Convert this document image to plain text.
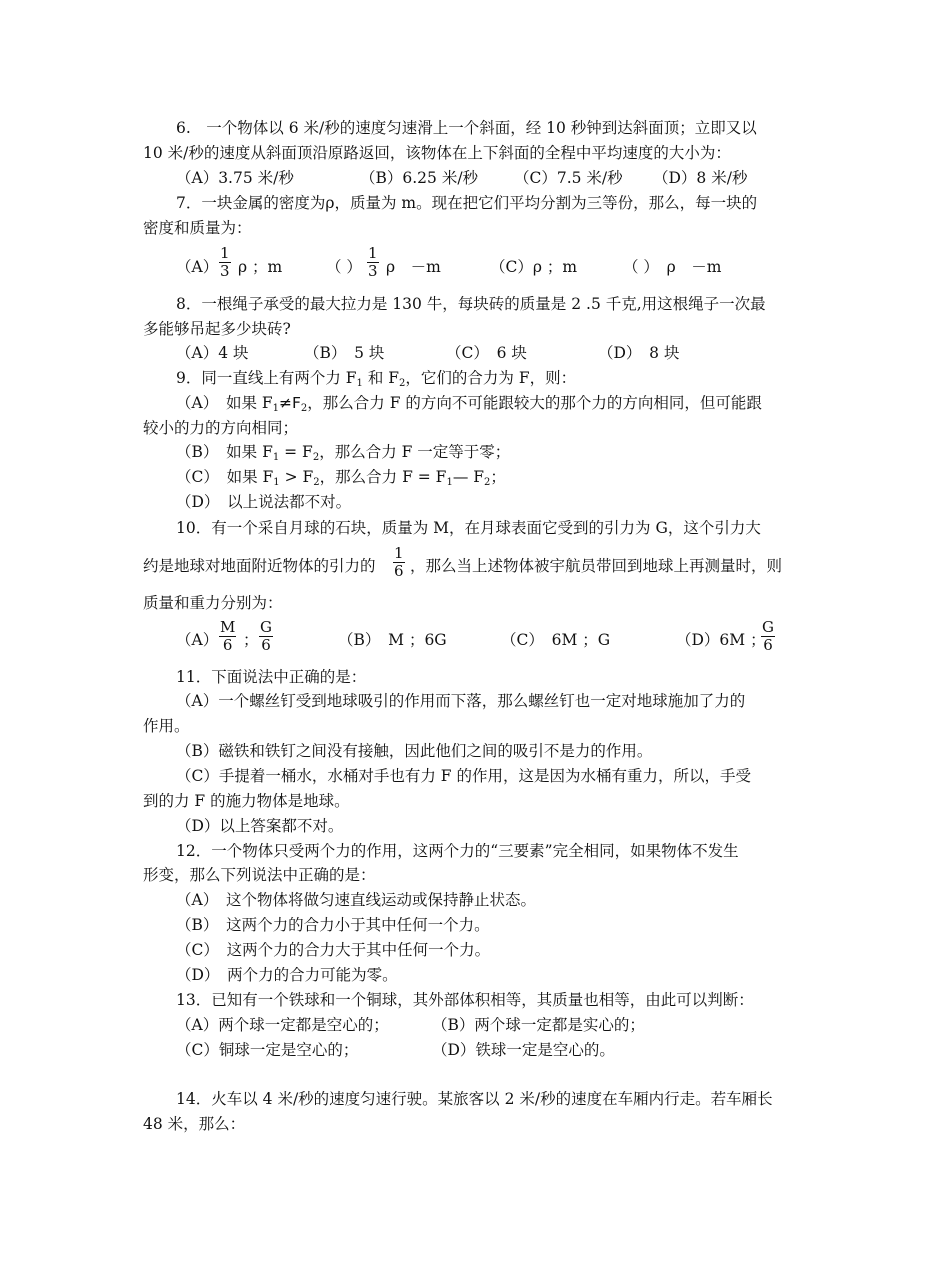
6.　一个物体以 6 米/秒的速度匀速滑上一个斜面，经 10 秒钟到达斜面顶；立即又以
10 米/秒的速度从斜面顶沿原路返回，该物体在上下斜面的全程中平均速度的大小为：
（A）3.75 米/秒	（B）6.25 米/秒 （C）7.5 米/秒 （D）8 米/秒
7．一块金属的密度为ρ，质量为 m。现在把它们平均分割为三等份，那么，每一块的
密度和质量为：
$(A) \frac{1}{3}$ ρ ；m	（ ） $\frac{1}{3}$ ρ　－m	（C）ρ ；m	（ ）　ρ　－m
8．一根绳子承受的最大拉力是 130 牛，每块砖的质量是 2 .5 千克,用这根绳子一次最
多能够吊起多少块砖?
（A）4 块	（B）　5 块	（C）　6 块	（D）　8 块
9．同一直线上有两个力 $F_1$ 和 $F_2$，它们的合力为 F，则：
（A）　如果 $F_1\ne F_2$，那么合力 F 的方向不可能跟较大的那个力的方向相同，但可能跟
较小的力的方向相同；
（B）　如果 $F_1 = F_2$，那么合力 F 一定等于零；
（C）　如果 $F_1 > F_2$，那么合力 $F = F_1—$ $F_2$；
（D）　以上说法都不对。
10．有一个采自月球的石块，质量为 M，在月球表面它受到的引力为 G，这个引力大
约是地球对地面附近物体的引力的 $\frac{1}{6}$ ，那么当上述物体被宇航员带回到地球上再测量时，则
质量和重力分别为：
$(A) \frac{M}{6}$ ； $\frac{G}{6}$	（B）　M ；6G	（C）　6M ；G	（D）6M ；
$\frac{G}{6}$
11．下面说法中正确的是：
（A）一个螺丝钉受到地球吸引的作用而下落，那么螺丝钉也一定对地球施加了力的
作用。
（B）磁铁和铁钉之间没有接触，因此他们之间的吸引不是力的作用。
（C）手提着一桶水，水桶对手也有力 F 的作用，这是因为水桶有重力，所以，手受
到的力 F 的施力物体是地球。
（D）以上答案都不对。
12．一个物体只受两个力的作用，这两个力的“三要素”完全相同，如果物体不发生
形变，那么下列说法中正确的是：
（A）　这个物体将做匀速直线运动或保持静止状态。
（B）　这两个力的合力小于其中任何一个力。
（C）　这两个力的合力大于其中任何一个力。
（D）　两个力的合力可能为零。
13．已知有一个铁球和一个铜球，其外部体积相等，其质量也相等，由此可以判断：
（A）两个球一定都是空心的；	（B）两个球一定都是实心的；
（C）铜球一定是空心的；	（D）铁球一定是空心的。
14．火车以 4 米/秒的速度匀速行驶。某旅客以 2 米/秒的速度在车厢内行走。若车厢长
48 米，那么：
